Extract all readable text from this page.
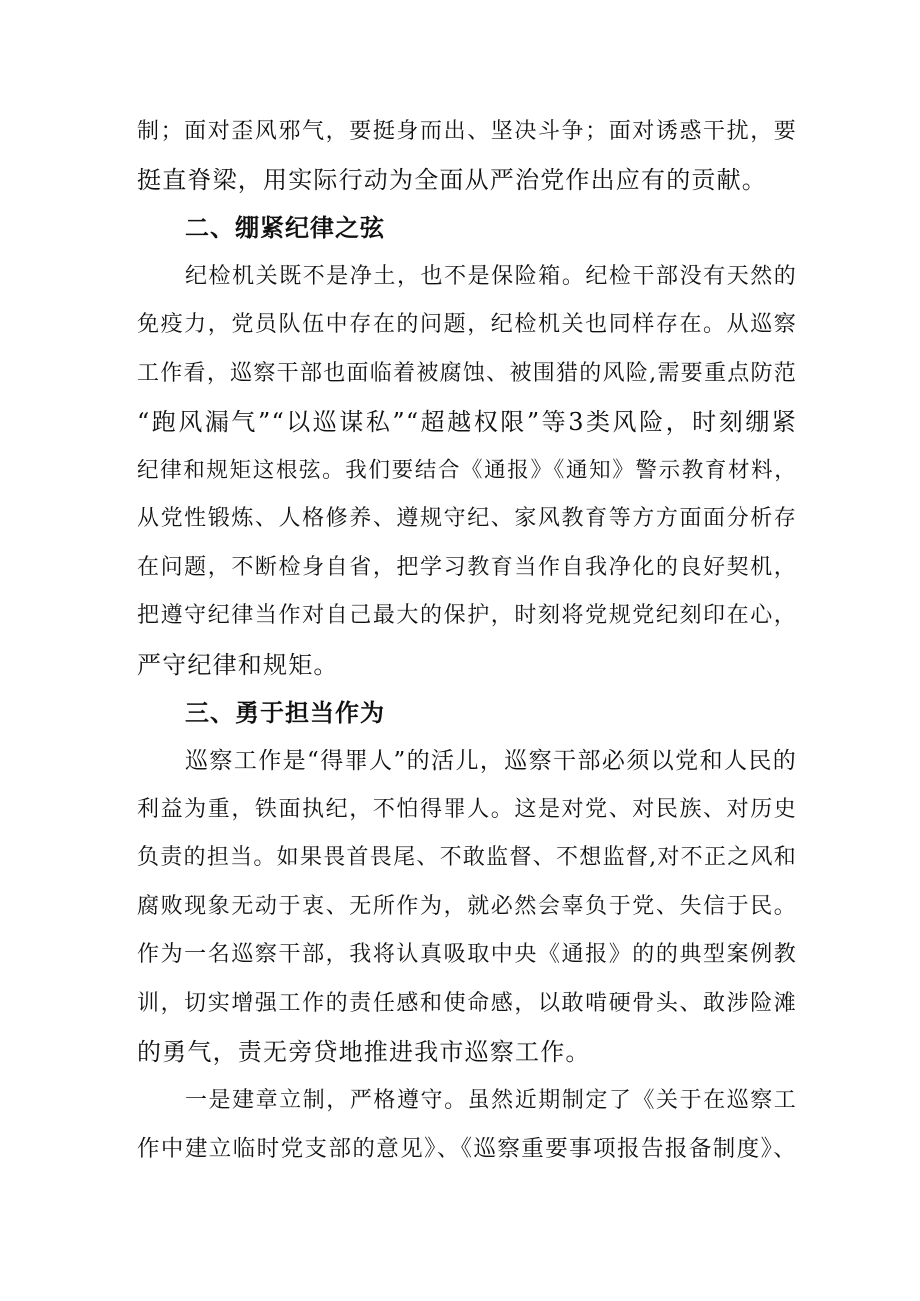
制；面对歪风邪气，要挺身而出、坚决斗争；面对诱惑干扰，要
挺直脊梁，用实际行动为全面从严治党作出应有的贡献。
二、绷紧纪律之弦
纪检机关既不是净土，也不是保险箱。纪检干部没有天然的
免疫力，党员队伍中存在的问题，纪检机关也同样存在。从巡察
工作看，巡察干部也面临着被腐蚀、被围猎的风险,需要重点防范
“跑风漏气”“以巡谋私”“超越权限”等3类风险，时刻绷紧
纪律和规矩这根弦。我们要结合《通报》《通知》警示教育材料，
从党性锻炼、人格修养、遵规守纪、家风教育等方方面面分析存
在问题，不断检身自省，把学习教育当作自我净化的良好契机，
把遵守纪律当作对自己最大的保护，时刻将党规党纪刻印在心，
严守纪律和规矩。
三、勇于担当作为
巡察工作是“得罪人”的活儿，巡察干部必须以党和人民的
利益为重，铁面执纪，不怕得罪人。这是对党、对民族、对历史
负责的担当。如果畏首畏尾、不敢监督、不想监督,对不正之风和
腐败现象无动于衷、无所作为，就必然会辜负于党、失信于民。
作为一名巡察干部，我将认真吸取中央《通报》的的典型案例教
训，切实增强工作的责任感和使命感，以敢啃硬骨头、敢涉险滩
的勇气，责无旁贷地推进我市巡察工作。
一是建章立制，严格遵守。虽然近期制定了《关于在巡察工
作中建立临时党支部的意见》、《巡察重要事项报告报备制度》、
